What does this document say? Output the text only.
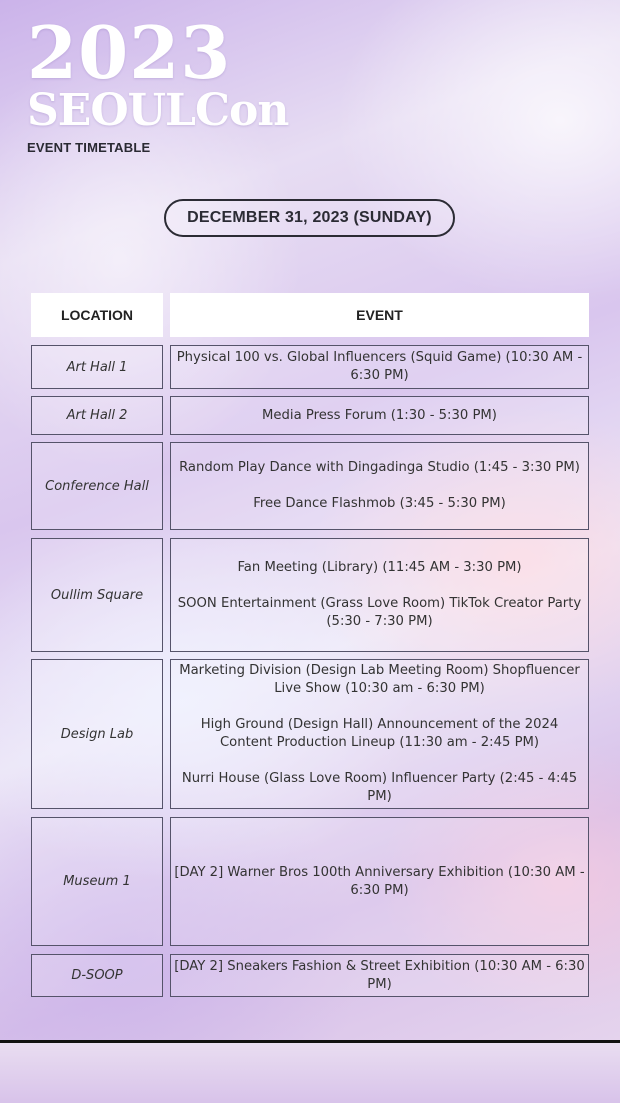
2023
SEOULCon
EVENT TIMETABLE
DECEMBER 31, 2023 (SUNDAY)
LOCATION	EVENT
Art Hall 1
Physical 100 vs. Global Influencers (Squid Game) (10:30 AM - 6:30 PM)
Art Hall 2	Media Press Forum (1:30 - 5:30 PM)
Conference Hall
Random Play Dance with Dingadinga Studio (1:45 - 3:30 PM)
Free Dance Flashmob (3:45 - 5:30 PM)
Oullim Square
Fan Meeting (Library) (11:45 AM - 3:30 PM)
SOON Entertainment (Grass Love Room) TikTok Creator Party (5:30 - 7:30 PM)
Design Lab
Marketing Division (Design Lab Meeting Room) Shopfluencer Live Show (10:30 am - 6:30 PM)
High Ground (Design Hall) Announcement of the 2024 Content Production Lineup (11:30 am - 2:45 PM)
Nurri House (Glass Love Room) Influencer Party (2:45 - 4:45 PM)
Museum 1
[DAY 2] Warner Bros 100th Anniversary Exhibition (10:30 AM - 6:30 PM)
D-SOOP
[DAY 2] Sneakers Fashion & Street Exhibition (10:30 AM - 6:30 PM)
